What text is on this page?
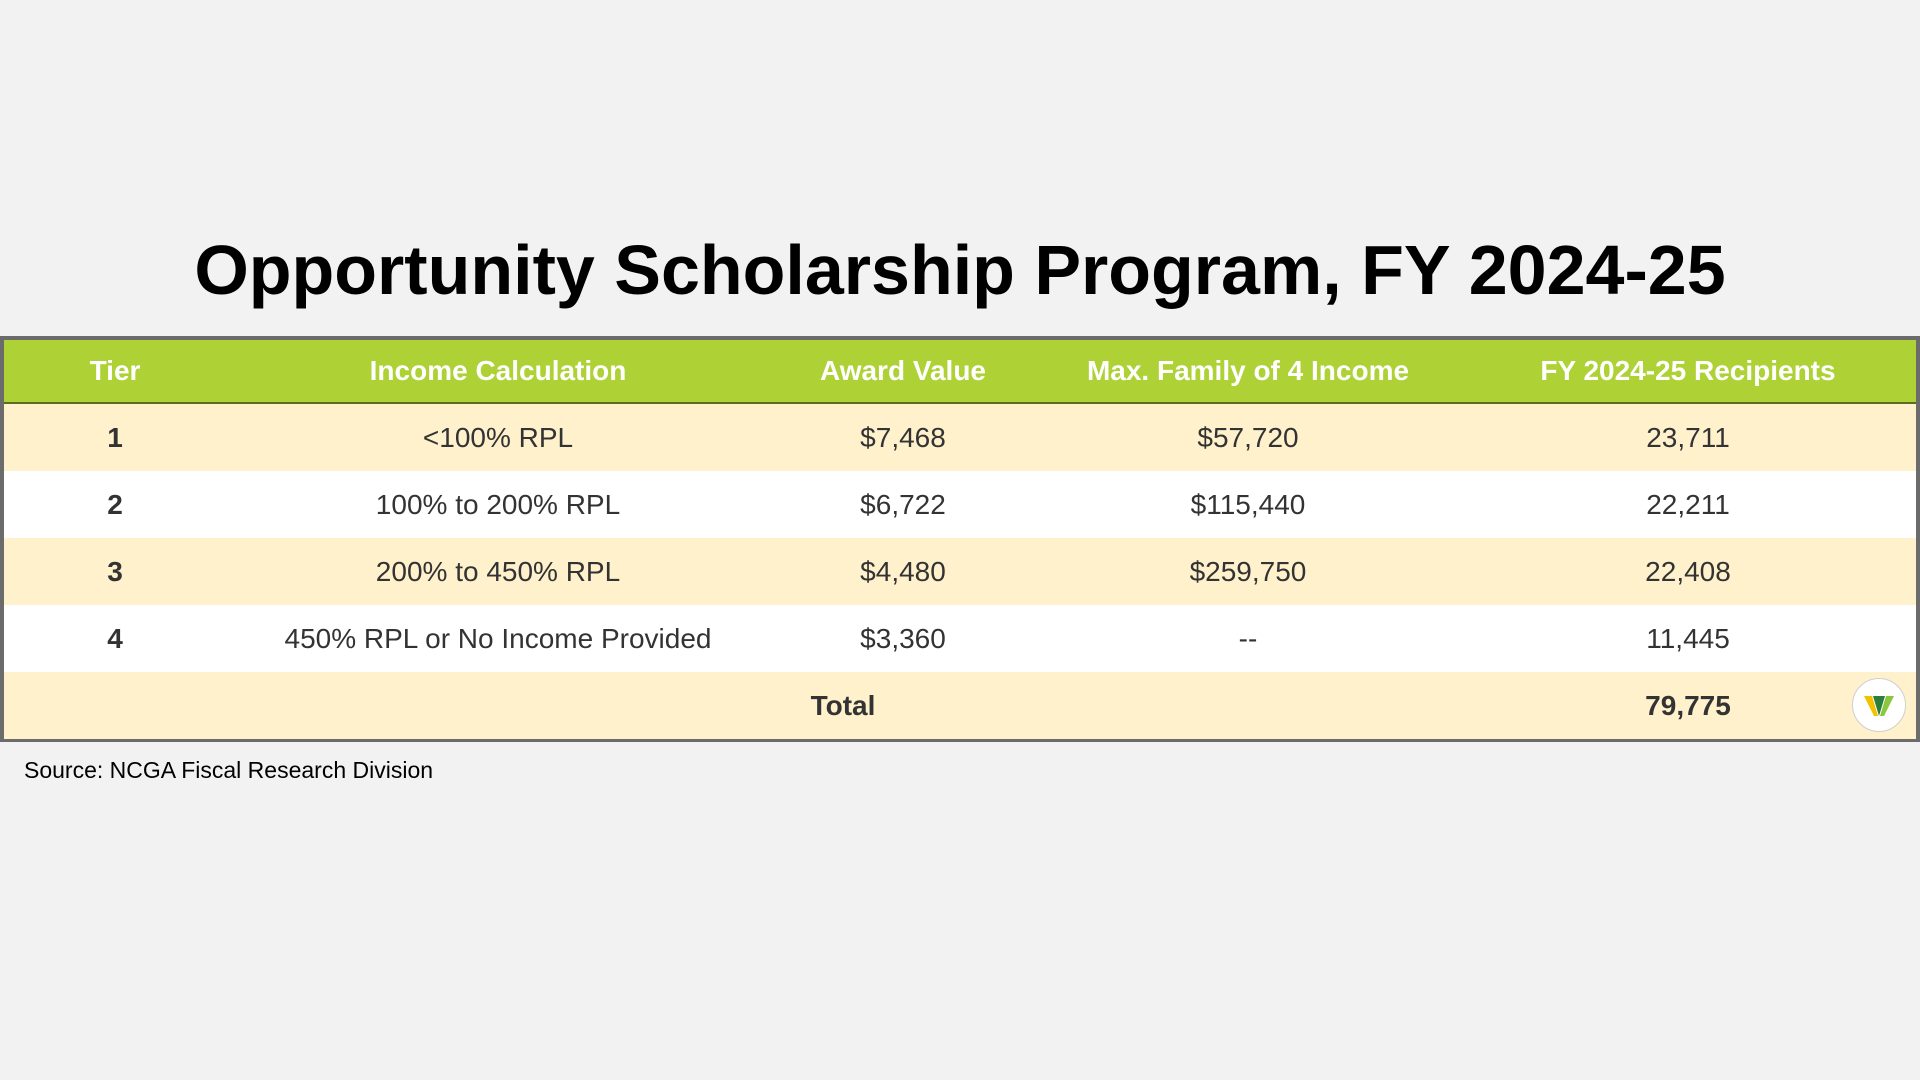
Opportunity Scholarship Program, FY 2024-25
Tier	Income Calculation	Award Value	Max. Family of 4 Income	FY 2024-25 Recipients
1	<100% RPL	$7,468	$57,720	23,711
2	100% to 200% RPL	$6,722	$115,440	22,211
3	200% to 450% RPL	$4,480	$259,750	22,408
4	450% RPL or No Income Provided	$3,360	--	11,445
	Total			79,775

Source: NCGA Fiscal Research Division
